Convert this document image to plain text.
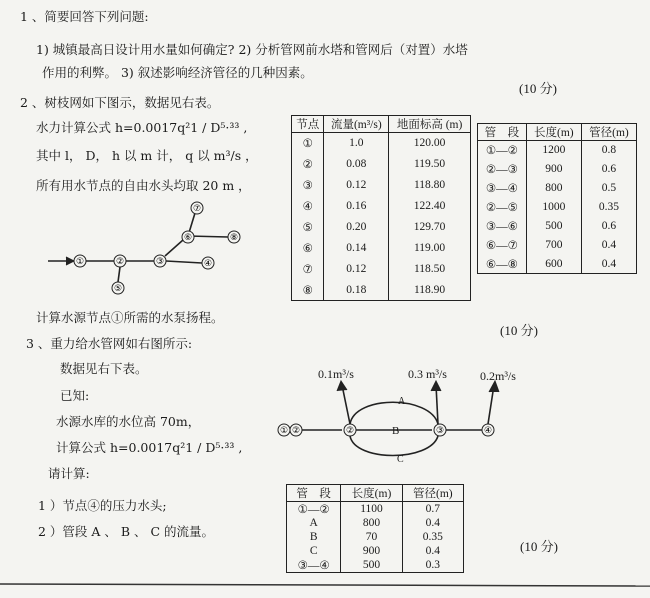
1 、简要回答下列问题:
1) 城镇最高日设计用水量如何确定? 2) 分析管网前水塔和管网后（对置）水塔
作用的利弊。 3) 叙述影响经济管径的几种因素。
(10 分)
2 、树枝网如下图示，数据见右表。
水力计算公式 h=0.0017q²1 / D⁵·³³ ,
其中 l， D， h 以 m 计， q 以 m³/s ，
所有用水节点的自由水头均取 20 m ，
计算水源节点①所需的水泵扬程。
(10 分)
节点	流量(m³/s)	地面标高 (m)
①	1.0	120.00
②	0.08	119.50
③	0.12	118.80
④	0.16	122.40
⑤	0.20	129.70
⑥	0.14	119.00
⑦	0.12	118.50
⑧	0.18	118.90
管　段	长度(m)	管径(m)
①—②	1200	0.8
②—③	900	0.6
③—④	800	0.5
②—⑤	1000	0.35
③—⑥	500	0.6
⑥—⑦	700	0.4
⑥—⑧	600	0.4
3 、重力给水管网如右图所示:
数据见右下表。
已知:
水源水库的水位高 70m，
计算公式 h=0.0017q²1 / D⁵·³³ ,
请计算:
1 ）节点④的压力水头;
2 ）管段 A 、 B 、 C 的流量。
(10 分)
管　段	长度(m)	管径(m)
①—②	1100	0.7
A	800	0.4
B	70	0.35
C	900	0.4
③—④	500	0.3
①	②	③	④
⑤
⑥
⑦
⑧
① ②	②	③	④
0.1m³/s	0.3 m³/s	0.2m³/s
A
B
C
